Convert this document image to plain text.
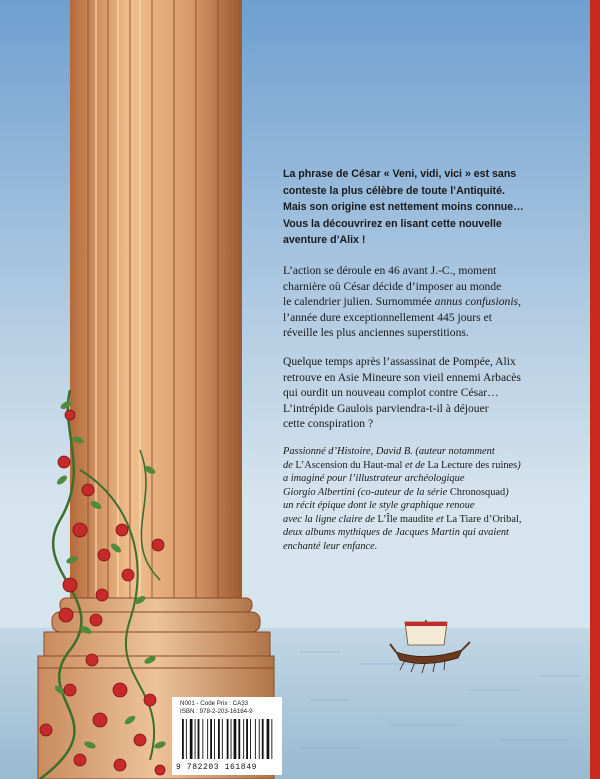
La phrase de César « Veni, vidi, vici » est sans
conteste la plus célèbre de toute l’Antiquité.
Mais son origine est nettement moins connue…
Vous la découvrirez en lisant cette nouvelle
aventure d’Alix !

L’action se déroule en 46 avant J.-C., moment
charnière où César décide d’imposer au monde
le calendrier julien. Surnommée annus confusionis,
l’année dure exceptionnellement 445 jours et
réveille les plus anciennes superstitions.

Quelque temps après l’assassinat de Pompée, Alix
retrouve en Asie Mineure son vieil ennemi Arbacès
qui ourdit un nouveau complot contre César…
L’intrépide Gaulois parviendra-t-il à déjouer
cette conspiration ?

Passionné d’Histoire, David B. (auteur notamment
de L’Ascension du Haut-mal et de La Lecture des ruines)
a imaginé pour l’illustrateur archéologique
Giorgio Albertini (co-auteur de la série Chronosquad)
un récit épique dont le style graphique renoue
avec la ligne claire de L’Île maudite et La Tiare d’Oribal,
deux albums mythiques de Jacques Martin qui avaient
enchanté leur enfance.

N001 - Code Prix : CA33
ISBN : 978-2-203-16184-9
9 782203 161849
